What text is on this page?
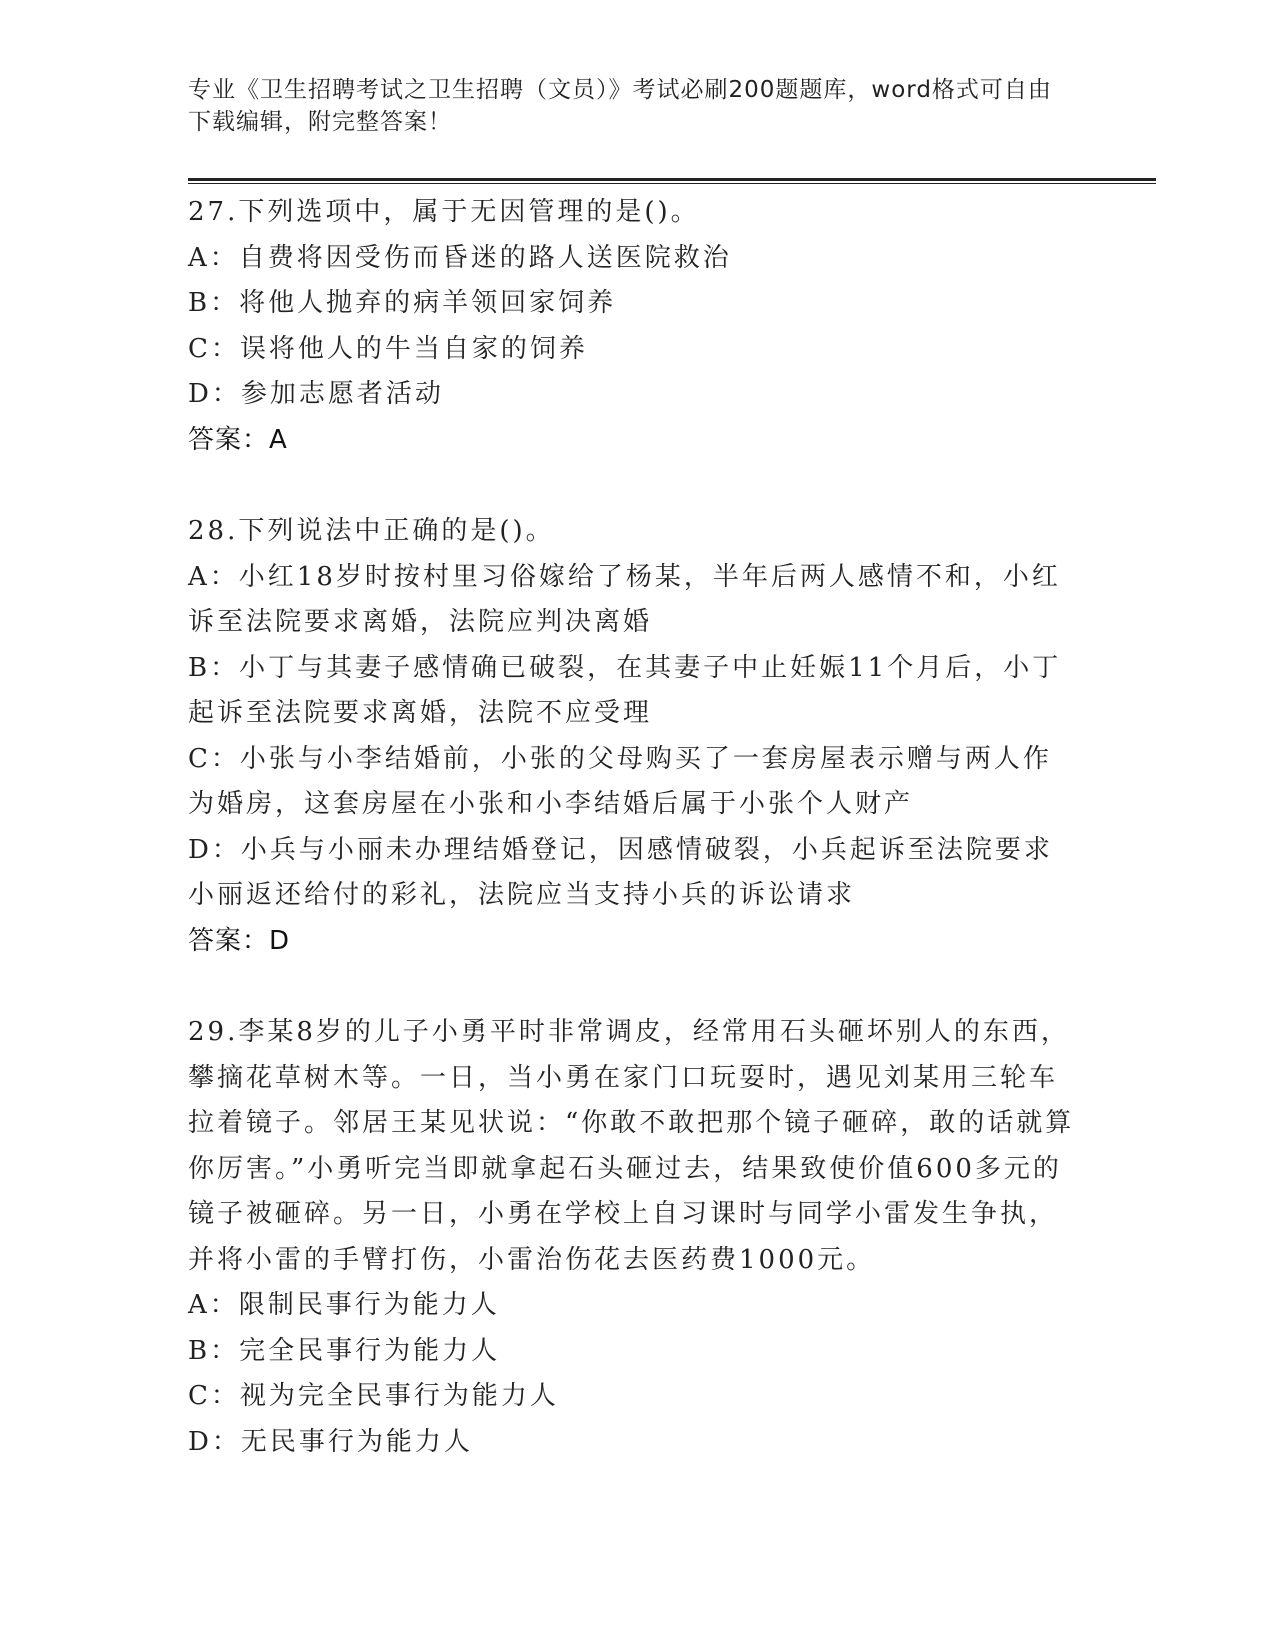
专业《卫生招聘考试之卫生招聘（文员）》考试必刷200题题库，word格式可自由下载编辑，附完整答案！
27.下列选项中，属于无因管理的是()。
A：自费将因受伤而昏迷的路人送医院救治
B：将他人抛弃的病羊领回家饲养
C：误将他人的牛当自家的饲养
D：参加志愿者活动
答案：A
28.下列说法中正确的是()。
A：小红18岁时按村里习俗嫁给了杨某，半年后两人感情不和，小红诉至法院要求离婚，法院应判决离婚
B：小丁与其妻子感情确已破裂，在其妻子中止妊娠11个月后，小丁起诉至法院要求离婚，法院不应受理
C：小张与小李结婚前，小张的父母购买了一套房屋表示赠与两人作为婚房，这套房屋在小张和小李结婚后属于小张个人财产
D：小兵与小丽未办理结婚登记，因感情破裂，小兵起诉至法院要求小丽返还给付的彩礼，法院应当支持小兵的诉讼请求
答案：D
29.李某8岁的儿子小勇平时非常调皮，经常用石头砸坏别人的东西，攀摘花草树木等。一日，当小勇在家门口玩耍时，遇见刘某用三轮车拉着镜子。邻居王某见状说：“你敢不敢把那个镜子砸碎，敢的话就算你厉害。”小勇听完当即就拿起石头砸过去，结果致使价值600多元的镜子被砸碎。另一日，小勇在学校上自习课时与同学小雷发生争执，并将小雷的手臂打伤，小雷治伤花去医药费1000元。
A：限制民事行为能力人
B：完全民事行为能力人
C：视为完全民事行为能力人
D：无民事行为能力人
